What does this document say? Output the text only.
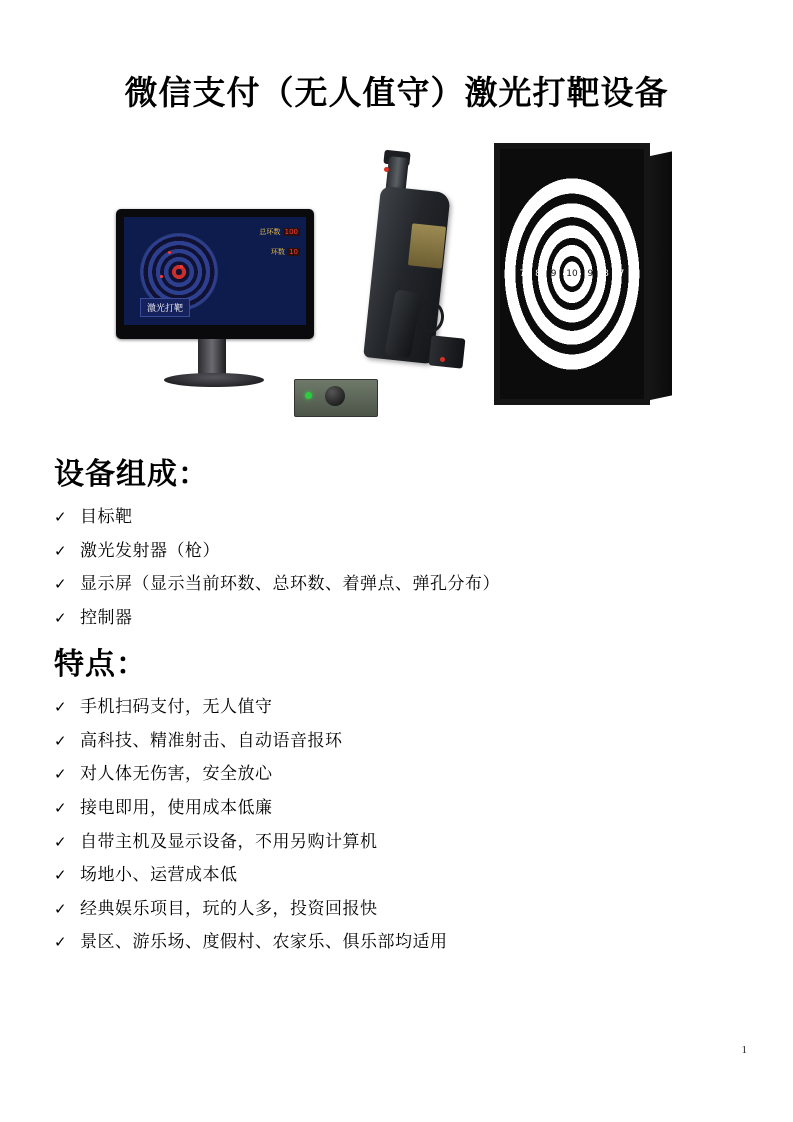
微信支付（无人值守）激光打靶设备
总环数 100
环数 10
激光打靶
6 7 8 9 10 9 8 7 6
设备组成：
✓ 目标靶
✓ 激光发射器（枪）
✓ 显示屏（显示当前环数、总环数、着弹点、弹孔分布）
✓ 控制器
特点：
✓ 手机扫码支付，无人值守
✓ 高科技、精准射击、自动语音报环
✓ 对人体无伤害，安全放心
✓ 接电即用，使用成本低廉
✓ 自带主机及显示设备，不用另购计算机
✓ 场地小、运营成本低
✓ 经典娱乐项目，玩的人多，投资回报快
✓ 景区、游乐场、度假村、农家乐、俱乐部均适用
1
